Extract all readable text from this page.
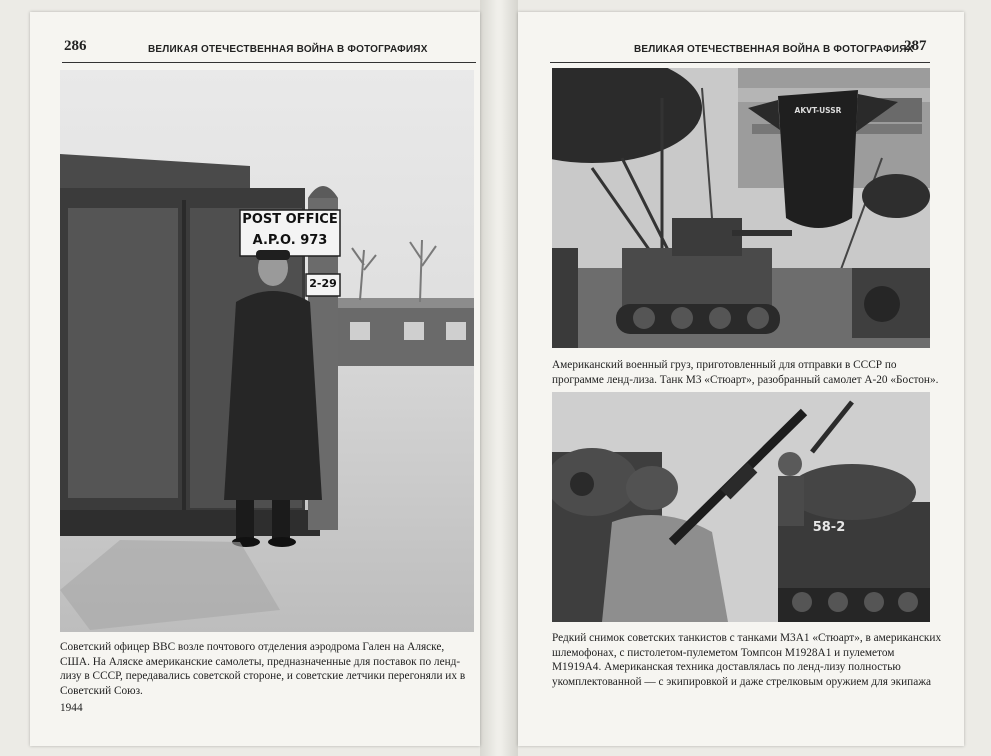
286	ВЕЛИКАЯ ОТЕЧЕСТВЕННАЯ ВОЙНА В ФОТОГРАФИЯХ
POST OFFICE
A.P.O. 973
2-29
Советский офицер ВВС возле почтового отделения аэродрома Гален на Аляске, США. На Аляске американские самолеты, предназначенные для поставок по ленд-лизу в СССР, передавались советской стороне, и советские летчики перегоняли их в Советский Союз.
1944
ВЕЛИКАЯ ОТЕЧЕСТВЕННАЯ ВОЙНА В ФОТОГРАФИЯХ
287
AKVT-USSR
Американский военный груз, приготовленный для отправки в СССР по программе ленд-лиза. Танк М3 «Стюарт», разобранный самолет А-20 «Бостон».
58-2
Редкий снимок советских танкистов с танками М3А1 «Стюарт», в американских шлемофонах, с пистолетом-пулеметом Томпсон М1928А1 и пулеметом М1919А4. Американская техника доставлялась по ленд-лизу полностью укомплектованной — с экипировкой и даже стрелковым оружием для экипажа
